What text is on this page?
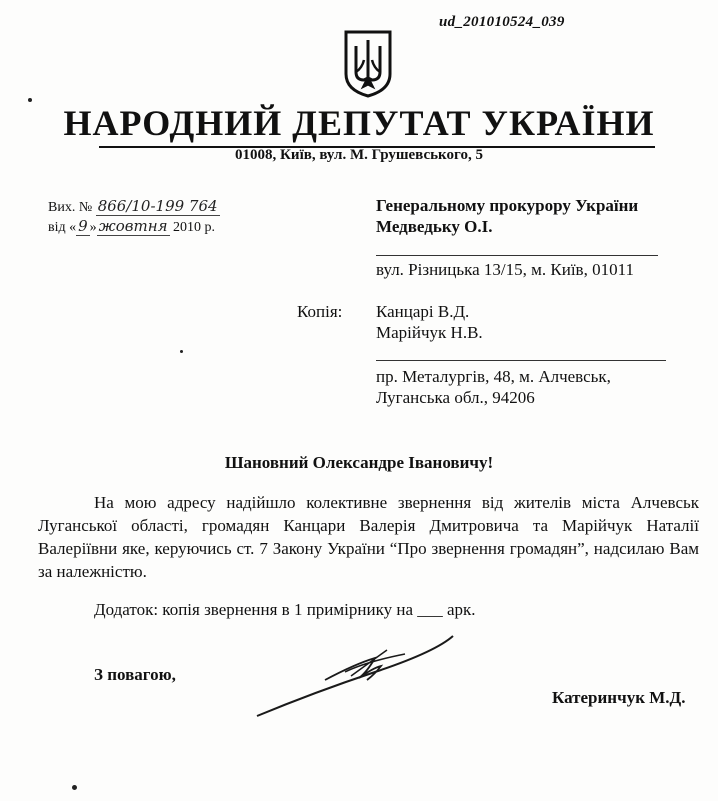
ud_201010524_039
НАРОДНИЙ ДЕПУТАТ УКРАЇНИ
01008, Київ, вул. М. Грушевського, 5
Вих. № 866/10-199 764
від « 9 » жовтня 2010 р.
Генеральному прокурору України
Медведьку О.І.
вул. Різницька 13/15, м. Київ, 01011
Копія: Канцарі В.Д.
Марійчук Н.В.
пр. Металургів, 48, м. Алчевськ,
Луганська обл., 94206
Шановний Олександре Івановичу!

На мою адресу надійшло колективне звернення від жителів міста Алчевськ Луганської області, громадян Канцари Валерія Дмитровича та Марійчук Наталії Валеріївни яке, керуючись ст. 7 Закону України “Про звернення громадян”, надсилаю Вам за належністю.

Додаток: копія звернення в 1 примірнику на ___ арк.
З повагою,
Катеринчук М.Д.
